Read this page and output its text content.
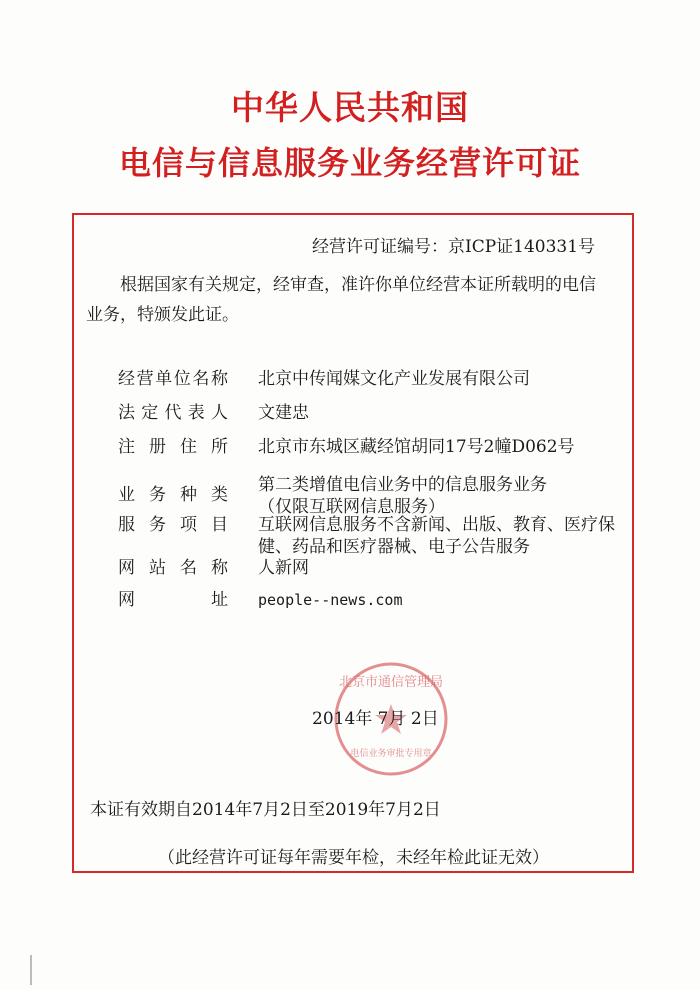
中华人民共和国
电信与信息服务业务经营许可证
经营许可证编号：京ICP证140331号
根据国家有关规定，经审查，准许你单位经营本证所载明的电信业务，特颁发此证。
经营单位名称 北京中传闻媒文化产业发展有限公司
法定代表人 文建忠
注册住所 北京市东城区藏经馆胡同17号2幢D062号
业务种类 第二类增值电信业务中的信息服务业务（仅限互联网信息服务）
服务项目 互联网信息服务不含新闻、出版、教育、医疗保健、药品和医疗器械、电子公告服务
网站名称 人新网
网址 people--news.com
北京市通信管理局
电信业务审批专用章
2014年 7月 2日
本证有效期自2014年7月2日至2019年7月2日
（此经营许可证每年需要年检，未经年检此证无效）
